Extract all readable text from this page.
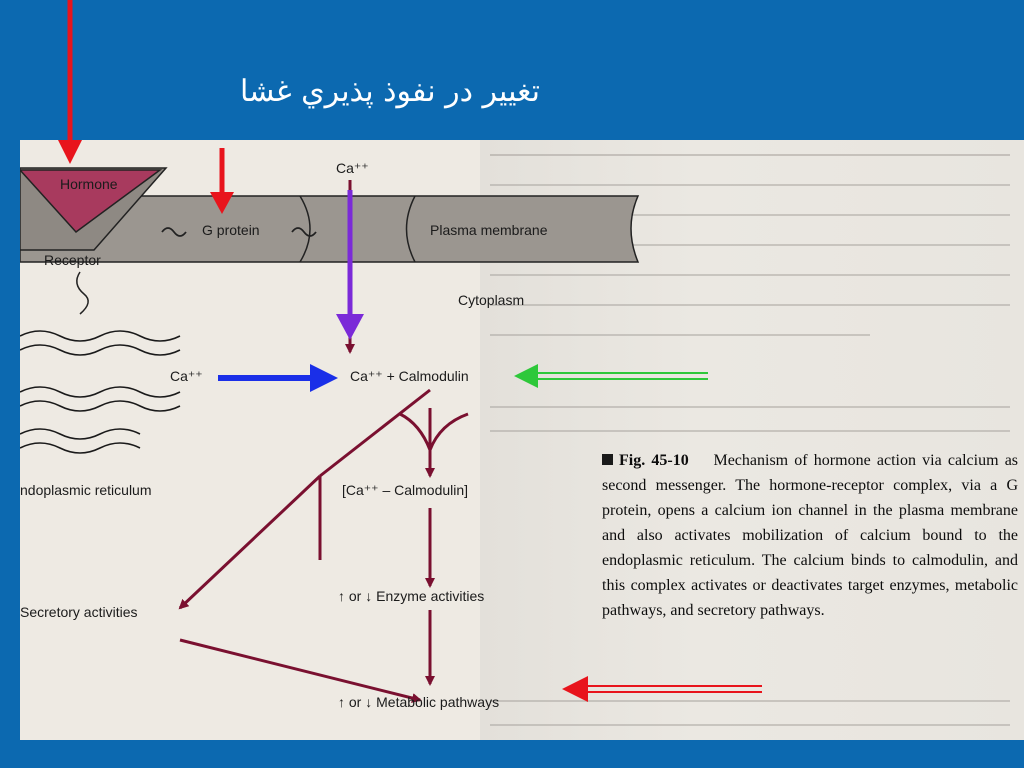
تغيير در نفوذ پذيري غشا
Ca⁺⁺
Hormone
G protein	Plasma membrane
Receptor
Cytoplasm
Ca⁺⁺	Ca⁺⁺ + Calmodulin
ndoplasmic reticulum	[Ca⁺⁺ – Calmodulin]
↑ or ↓ Enzyme activities
Secretory activities
↑ or ↓ Metabolic pathways
Fig. 45-10 Mechanism of hormone action via calcium as second messenger. The hormone-receptor complex, via a G protein, opens a calcium ion channel in the plasma membrane and also activates mobilization of calcium bound to the endoplasmic reticulum. The calcium binds to calmodulin, and this complex activates or deactivates target enzymes, metabolic pathways, and secretory pathways.
